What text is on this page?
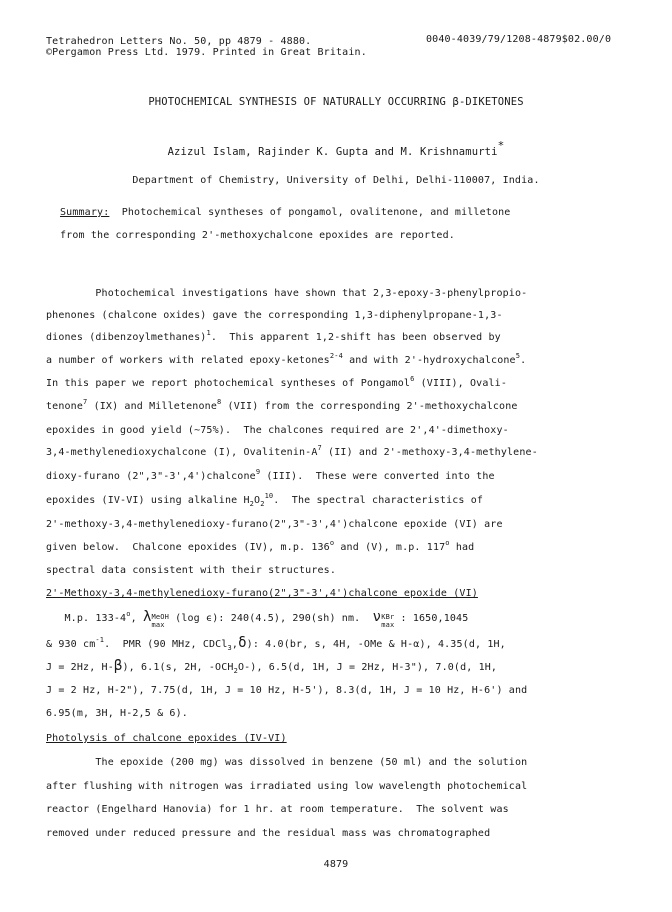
Tetrahedron Letters No. 50, pp 4879 - 4880.	0040-4039/79/1208-4879$02.00/0
©Pergamon Press Ltd. 1979. Printed in Great Britain.
PHOTOCHEMICAL SYNTHESIS OF NATURALLY OCCURRING β-DIKETONES
Azizul Islam, Rajinder K. Gupta and M. Krishnamurti*
Department of Chemistry, University of Delhi, Delhi-110007, India.
Summary:  Photochemical syntheses of pongamol, ovalitenone, and milletone
from the corresponding 2'-methoxychalcone epoxides are reported.
Photochemical investigations have shown that 2,3-epoxy-3-phenylpropio-
phenones (chalcone oxides) gave the corresponding 1,3-diphenylpropane-1,3-
diones (dibenzoylmethanes)$^1$.  This apparent 1,2-shift has been observed by
a number of workers with related epoxy-ketones$^{2-4}$ and with 2'-hydroxychalcone$^5$.
In this paper we report photochemical syntheses of Pongamol$^6$ (VIII), Ovali-
tenone$^7$ (IX) and Milletenone$^8$ (VII) from the corresponding 2'-methoxychalcone
epoxides in good yield (~75%).  The chalcones required are 2',4'-dimethoxy-
3,4-methylenedioxychalcone (I), Ovalitenin-$A^7$ (II) and 2'-methoxy-3,4-methylene-
dioxy-furano (2",3"-3',4')chalcone$^9$ (III).  These were converted into the
epoxides (IV-VI) using alkaline $H_2O_2^{10}$.  The spectral characteristics of
2'-methoxy-3,4-methylenedioxy-furano(2",3"-3',4')chalcone epoxide (VI) are
given below.  Chalcone epoxides (IV), m.p. 136$^o$ and (V), m.p. 117$^o$ had
spectral data consistent with their structures.
2'-Methoxy-3,4-methylenedioxy-furano(2",3"-3',4')chalcone epoxide (VI)
M.p. 133-4$^o$, λ MeOH
max
(log ϵ): 240(4.5), 290(sh) nm.  ν KBr
max
: 1650,1045
& 930 $cm^{-1}$.  PMR (90 MHz, CDCl$_3$,δ): 4.0(br, s, 4H, -OMe & H-α), 4.35(d, 1H,
J = 2Hz, H-β), 6.1(s, 2H, $-OCH_2O-$), 6.5(d, 1H, J = 2Hz, H-3"), 7.0(d, 1H,
J = 2 Hz, H-2"), 7.75(d, 1H, J = 10 Hz, H-5'), 8.3(d, 1H, J = 10 Hz, H-6') and
6.95(m, 3H, H-2,5 & 6).
Photolysis of chalcone epoxides (IV-VI)
The epoxide (200 mg) was dissolved in benzene (50 ml) and the solution
after flushing with nitrogen was irradiated using low wavelength photochemical
reactor (Engelhard Hanovia) for 1 hr. at room temperature.  The solvent was
removed under reduced pressure and the residual mass was chromatographed
4879
